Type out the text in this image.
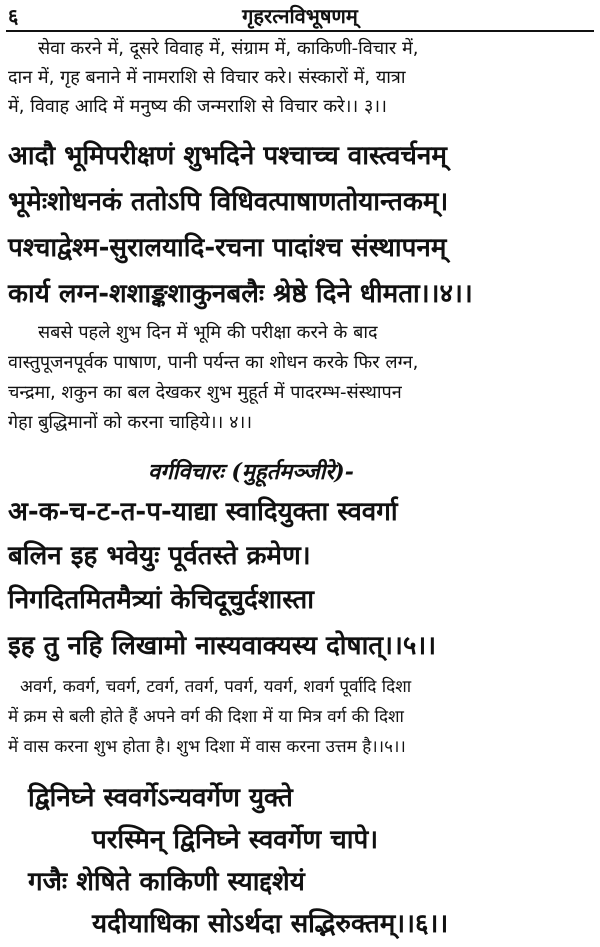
६	गृहरत्नविभूषणम्
सेवा करने में, दूसरे विवाह में, संग्राम में, काकिणी-विचार में,
दान में, गृह बनाने में नामराशि से विचार करे। संस्कारों में, यात्रा
में, विवाह आदि में मनुष्य की जन्मराशि से विचार करे।। ३।।
आदौ भूमिपरीक्षणं शुभदिने पश्चाच्च वास्त्वर्चनम्
भूमेःशोधनकं ततोऽपि विधिवत्पाषाणतोयान्तकम्।
पश्चाद्वेश्म-सुरालयादि-रचना पादांश्च संस्थापनम्
कार्य लग्न-शशाङ्कशाकुनबलैः श्रेष्ठे दिने धीमता।।४।।
सबसे पहले शुभ दिन में भूमि की परीक्षा करने के बाद
वास्तुपूजनपूर्वक पाषाण, पानी पर्यन्त का शोधन करके फिर लग्न,
चन्द्रमा, शकुन का बल देखकर शुभ मुहूर्त में पादरम्भ-संस्थापन
गेहा बुद्धिमानों को करना चाहिये।। ४।।
वर्गविचारः (मुहूर्तमञ्जीरे)-
अ-क-च-ट-त-प-याद्या स्वादियुक्ता स्ववर्गा
बलिन इह भवेयुः पूर्वतस्ते क्रमेण।
निगदितमितमैत्र्यां केचिदूचुर्दशास्ता
इह तु नहि लिखामो नास्यवाक्यस्य दोषात्।।५।।
अवर्ग, कवर्ग, चवर्ग, टवर्ग, तवर्ग, पवर्ग, यवर्ग, शवर्ग पूर्वादि दिशा
में क्रम से बली होते हैं अपने वर्ग की दिशा में या मित्र वर्ग की दिशा
में वास करना शुभ होता है। शुभ दिशा में वास करना उत्तम है।।५।।
द्विनिघ्ने स्ववर्गेऽन्यवर्गेण युक्ते
परस्मिन् द्विनिघ्ने स्ववर्गेण चापे।
गजैः शेषिते काकिणी स्याद्दशेयं
यदीयाधिका सोऽर्थदा सद्भिरुक्तम्।।६।।
